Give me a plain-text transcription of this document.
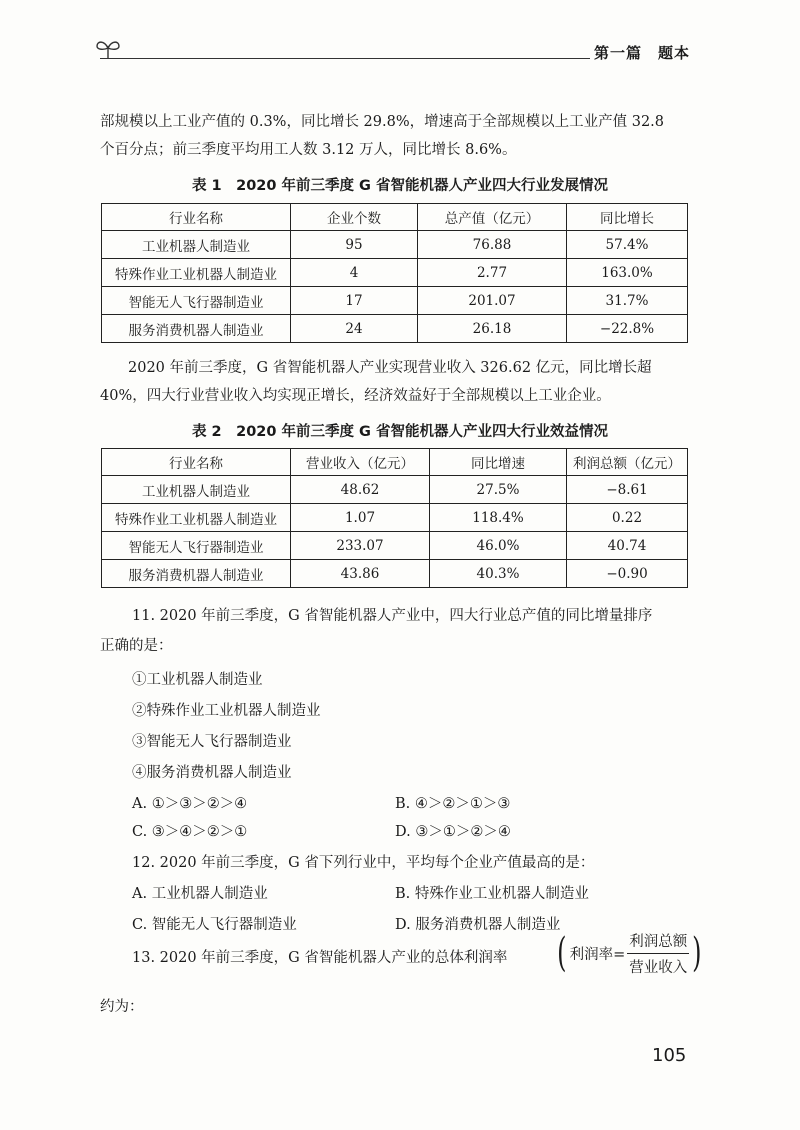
第一篇　题本
部规模以上工业产值的 0.3%，同比增长 29.8%，增速高于全部规模以上工业产值 32.8
个百分点；前三季度平均用工人数 3.12 万人，同比增长 8.6%。
表 1　2020 年前三季度 G 省智能机器人产业四大行业发展情况
行业名称	企业个数	总产值（亿元）	同比增长
工业机器人制造业	95	76.88	57.4%
特殊作业工业机器人制造业	4	2.77	163.0%
智能无人飞行器制造业	17	201.07	31.7%
服务消费机器人制造业	24	26.18	−22.8%
2020 年前三季度，G 省智能机器人产业实现营业收入 326.62 亿元，同比增长超
40%，四大行业营业收入均实现正增长，经济效益好于全部规模以上工业企业。
表 2　2020 年前三季度 G 省智能机器人产业四大行业效益情况
行业名称	营业收入（亿元）	同比增速	利润总额（亿元）
工业机器人制造业	48.62	27.5%	−8.61
特殊作业工业机器人制造业	1.07	118.4%	0.22
智能无人飞行器制造业	233.07	46.0%	40.74
服务消费机器人制造业	43.86	40.3%	−0.90
11. 2020 年前三季度，G 省智能机器人产业中，四大行业总产值的同比增量排序
正确的是：
①工业机器人制造业
②特殊作业工业机器人制造业
③智能无人飞行器制造业
④服务消费机器人制造业
A. ①＞③＞②＞④	B. ④＞②＞①＞③
C. ③＞④＞②＞①	D. ③＞①＞②＞④
12. 2020 年前三季度，G 省下列行业中，平均每个企业产值最高的是：
A. 工业机器人制造业	B. 特殊作业工业机器人制造业
C. 智能无人飞行器制造业	D. 服务消费机器人制造业
13. 2020 年前三季度，G 省智能机器人产业的总体利润率 ( 利润率= $\frac{\text{利润总额}}{\text{营业收入}}$ )
约为：
105
